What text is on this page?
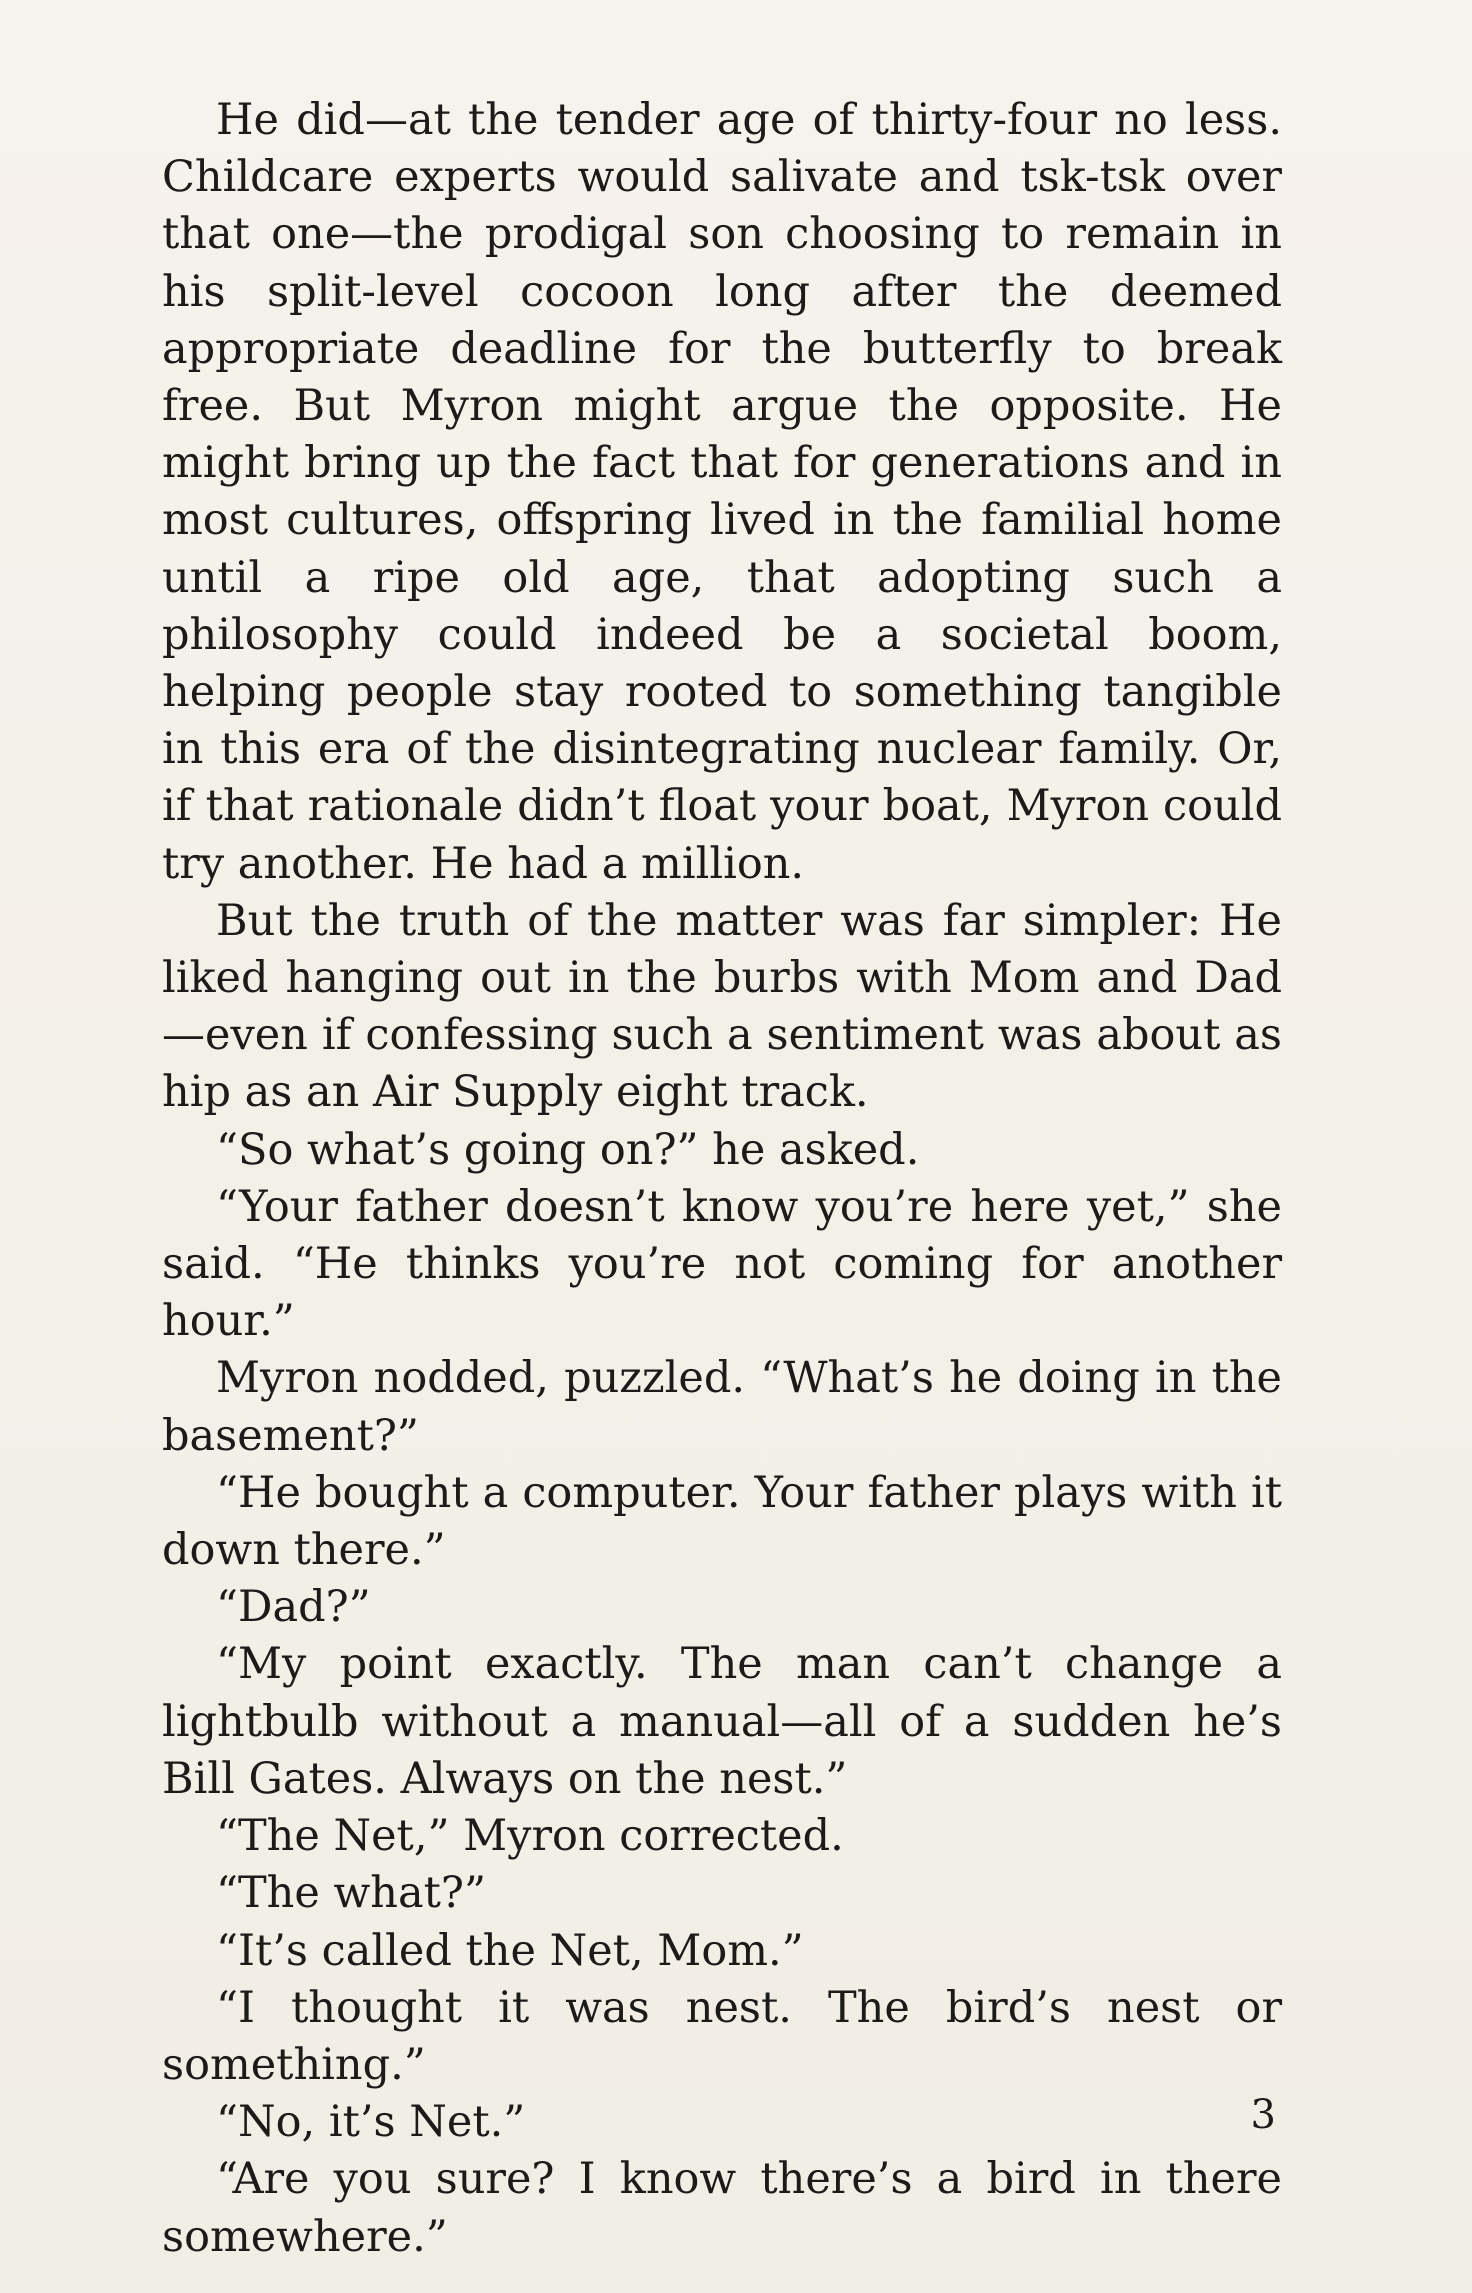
He did—at the tender age of thirty-four no less. Childcare experts would salivate and tsk-tsk over that one—the prodigal son choosing to remain in his split-level cocoon long after the deemed appropriate deadline for the butterfly to break free. But Myron might argue the opposite. He might bring up the fact that for generations and in most cultures, offspring lived in the familial home until a ripe old age, that adopting such a philosophy could indeed be a societal boom, helping people stay rooted to something tangible in this era of the disintegrating nuclear family. Or, if that rationale didn’t float your boat, Myron could try another. He had a million.

But the truth of the matter was far simpler: He liked hanging out in the burbs with Mom and Dad—even if confessing such a sentiment was about as hip as an Air Supply eight track.

“So what’s going on?” he asked.

“Your father doesn’t know you’re here yet,” she said. “He thinks you’re not coming for another hour.”

Myron nodded, puzzled. “What’s he doing in the basement?”

“He bought a computer. Your father plays with it down there.”

“Dad?”

“My point exactly. The man can’t change a lightbulb without a manual—all of a sudden he’s Bill Gates. Always on the nest.”

“The Net,” Myron corrected.

“The what?”

“It’s called the Net, Mom.”

“I thought it was nest. The bird’s nest or something.”

“No, it’s Net.”

“Are you sure? I know there’s a bird in there somewhere.”

3
